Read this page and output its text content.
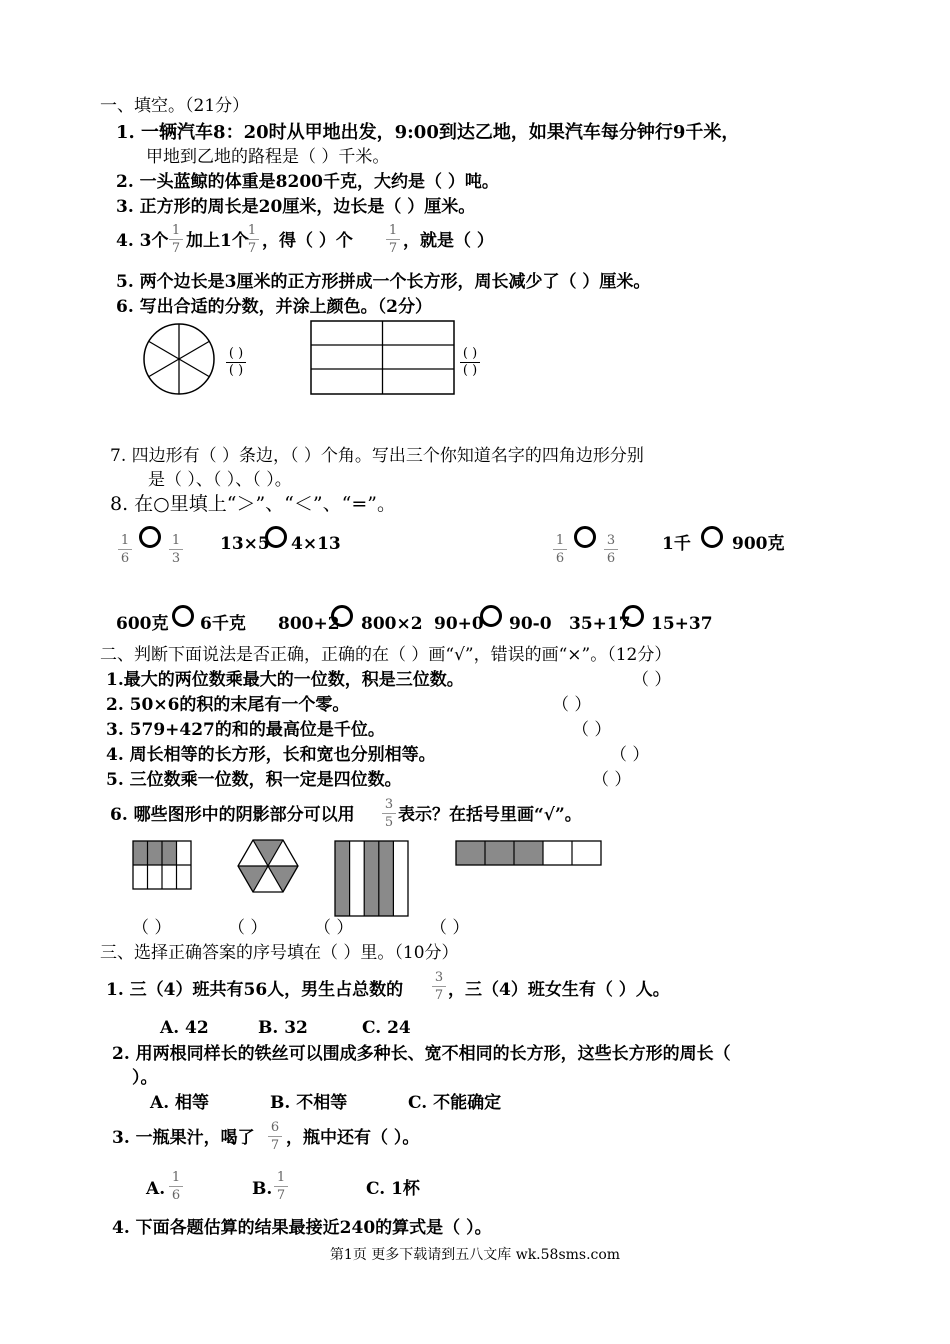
一、填空。（21分）
1. 一辆汽车8：20时从甲地出发，9:00到达乙地，如果汽车每分钟行9千米，
甲地到乙地的路程是（ ）千米。
2. 一头蓝鲸的体重是8200千克，大约是（ ）吨。
3. 正方形的周长是20厘米，边长是（ ）厘米。
4. 3个
1
7 加上1个
1
7 ，得（ ）个
1
7 ，就是（ ）
5. 两个边长是3厘米的正方形拼成一个长方形，周长减少了（ ）厘米。
6. 写出合适的分数，并涂上颜色。（2分）
( )
( )
( )
( )
7. 四边形有（ ）条边，（ ）个角。写出三个你知道名字的四角边形分别
是（ ）、（ ）、（ ）。
8. 在○里填上“＞”、“＜”、“=”。
1
6
1
3
13×5 4×13	1
6
3
6
1千 900克
600克 6千克 800+2 800×2 90+0 90-0 35+17 15+37
二、判断下面说法是否正确，正确的在（ ）画“√”，错误的画“×”。（12分）
1.最大的两位数乘最大的一位数，积是三位数。	（ ）
2. 50×6的积的末尾有一个零。	（ ）
3. 579+427的和的最高位是千位。	（ ）
4. 周长相等的长方形，长和宽也分别相等。	（ ）
5. 三位数乘一位数，积一定是四位数。	（ ）
6. 哪些图形中的阴影部分可以用
3
5 表示？在括号里画“√”。
（ ）	（ ）	（ ）	（ ）
三、选择正确答案的序号填在（ ）里。（10分）
1. 三（4）班共有56人，男生占总数的
3
7 ，三（4）班女生有（ ）人。
A. 42	B. 32	C. 24
2. 用两根同样长的铁丝可以围成多种长、宽不相同的长方形，这些长方形的周长（
）。
A. 相等	B. 不相等	C. 不能确定
3. 一瓶果汁，喝了
6
7 ，瓶中还有（ ）。
A.
1
6	B.
1
7	C. 1杯
4. 下面各题估算的结果最接近240的算式是（ ）。
第1页 更多下载请到五八文库 wk.58sms.com
